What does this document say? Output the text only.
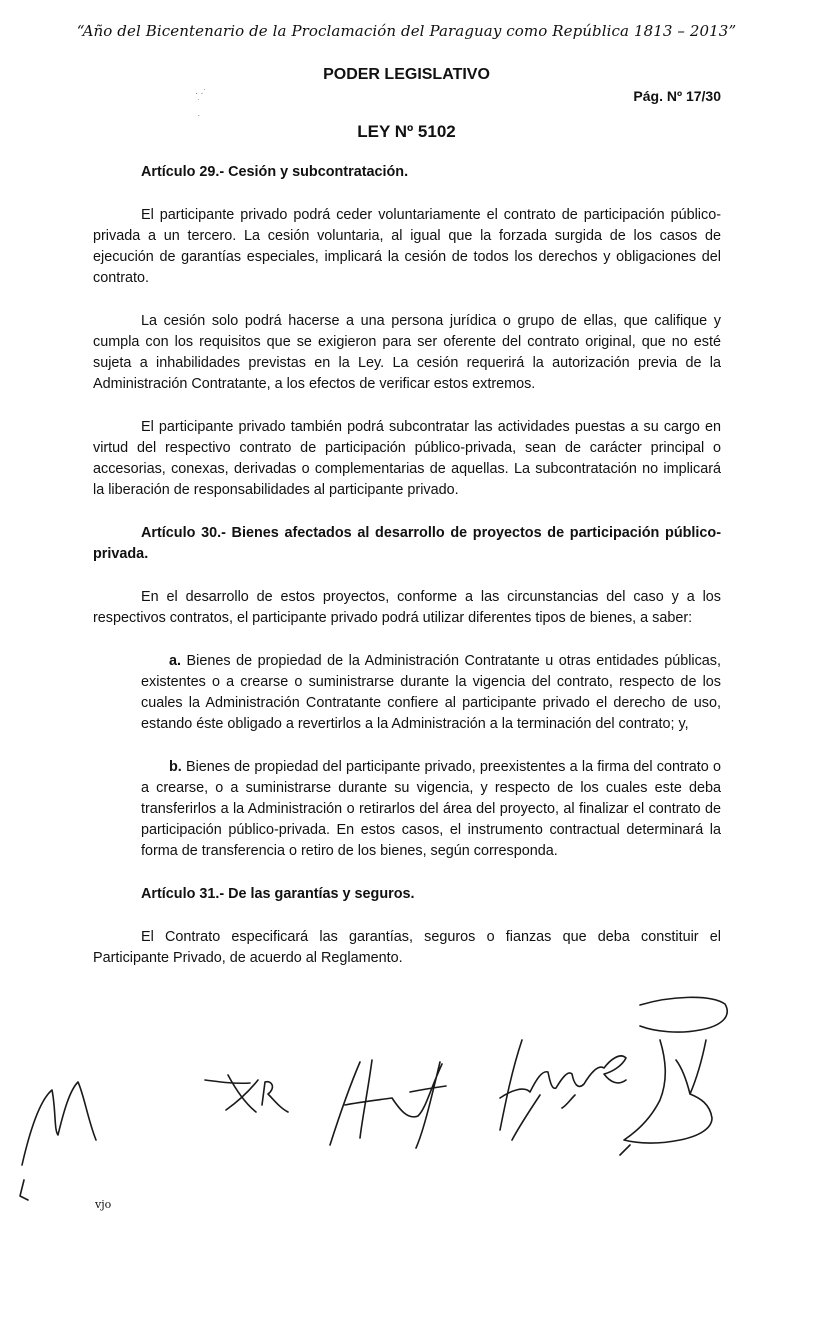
“Año del Bicentenario de la Proclamación del Paraguay como República 1813 – 2013”
PODER LEGISLATIVO
· ·˙
˙
.
Pág. Nº 17/30
LEY Nº 5102

Artículo 29.- Cesión y subcontratación.

El participante privado podrá ceder voluntariamente el contrato de participación público-privada a un tercero. La cesión voluntaria, al igual que la forzada surgida de los casos de ejecución de garantías especiales, implicará la cesión de todos los derechos y obligaciones del contrato.

La cesión solo podrá hacerse a una persona jurídica o grupo de ellas, que califique y cumpla con los requisitos que se exigieron para ser oferente del contrato original, que no esté sujeta a inhabilidades previstas en la Ley. La cesión requerirá la autorización previa de la Administración Contratante, a los efectos de verificar estos extremos.

El participante privado también podrá subcontratar las actividades puestas a su cargo en virtud del respectivo contrato de participación público-privada, sean de carácter principal o accesorias, conexas, derivadas o complementarias de aquellas. La subcontratación no implicará la liberación de responsabilidades al participante privado.

Artículo 30.- Bienes afectados al desarrollo de proyectos de participación público-privada.

En el desarrollo de estos proyectos, conforme a las circunstancias del caso y a los respectivos contratos, el participante privado podrá utilizar diferentes tipos de bienes, a saber:

a. Bienes de propiedad de la Administración Contratante u otras entidades públicas, existentes o a crearse o suministrarse durante la vigencia del contrato, respecto de los cuales la Administración Contratante confiere al participante privado el derecho de uso, estando éste obligado a revertirlos a la Administración a la terminación del contrato; y,

b. Bienes de propiedad del participante privado, preexistentes a la firma del contrato o a crearse, o a suministrarse durante su vigencia, y respecto de los cuales este deba transferirlos a la Administración o retirarlos del área del proyecto, al finalizar el contrato de participación público-privada. En estos casos, el instrumento contractual determinará la forma de transferencia o retiro de los bienes, según corresponda.

Artículo 31.- De las garantías y seguros.

El Contrato especificará las garantías, seguros o fianzas que deba constituir el Participante Privado, de acuerdo al Reglamento.

vjo
